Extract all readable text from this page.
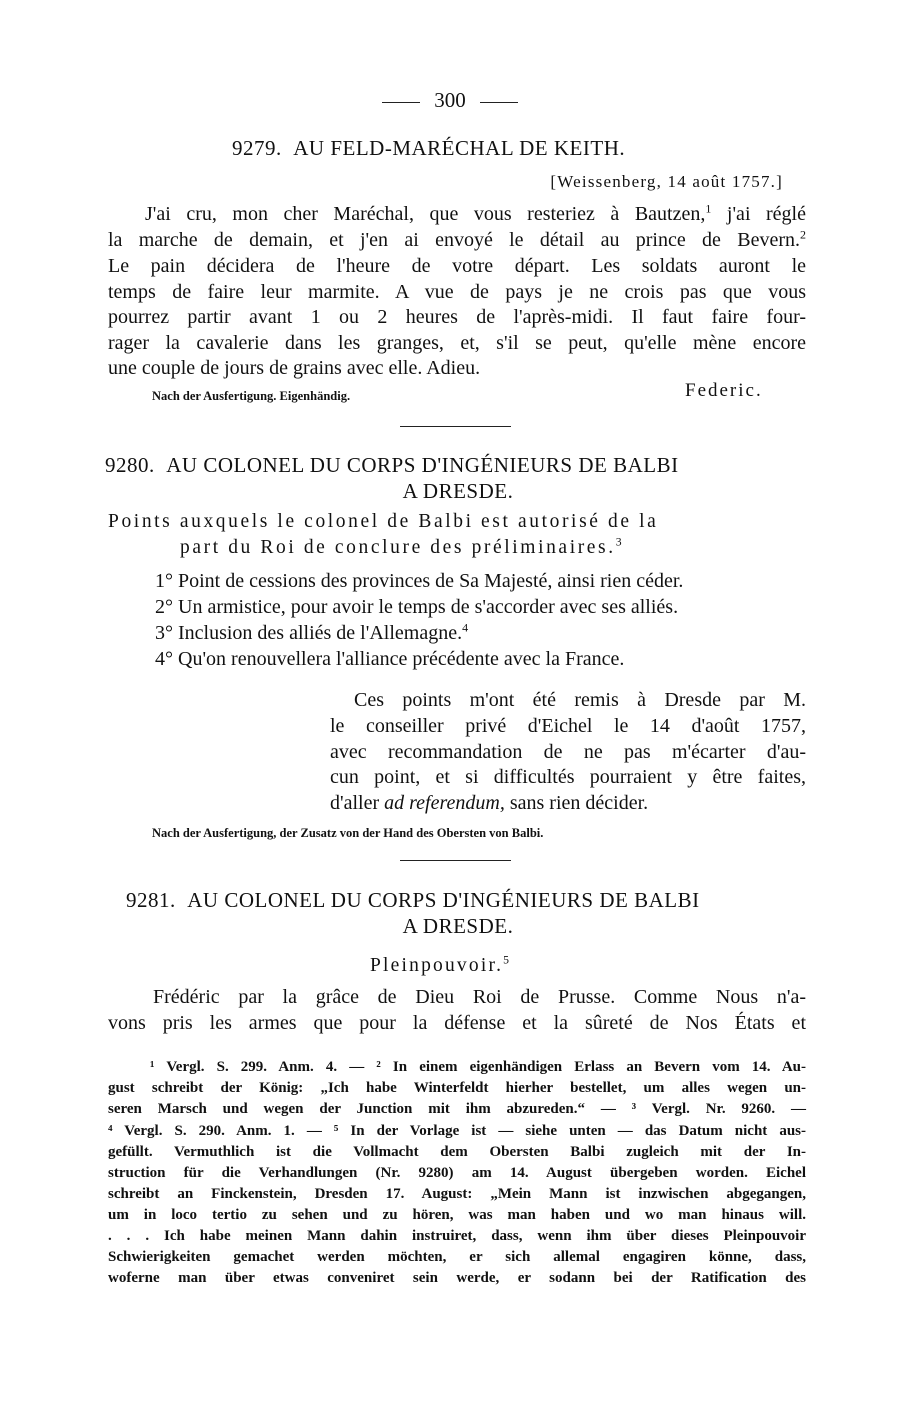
300
9279. AU FELD-MARÉCHAL DE KEITH.
[Weissenberg, 14 août 1757.]
J'ai cru, mon cher Maréchal, que vous resteriez à Bautzen,$^1$ j'ai réglé
la marche de demain, et j'en ai envoyé le détail au prince de Bevern.$^2$
Le pain décidera de l'heure de votre départ. Les soldats auront le
temps de faire leur marmite. A vue de pays je ne crois pas que vous
pourrez partir avant 1 ou 2 heures de l'après-midi. Il faut faire four-
rager la cavalerie dans les granges, et, s'il se peut, qu'elle mène encore
une couple de jours de grains avec elle. Adieu.
Nach der Ausfertigung. Eigenhändig.	Federic.
9280. AU COLONEL DU CORPS D'INGÉNIEURS DE BALBI
A DRESDE.
Points auxquels le colonel de Balbi est autorisé de la
part du Roi de conclure des préliminaires.$^3$
1° Point de cessions des provinces de Sa Majesté, ainsi rien céder.
2° Un armistice, pour avoir le temps de s'accorder avec ses alliés.
3° Inclusion des alliés de l'Allemagne.$^4$
4° Qu'on renouvellera l'alliance précédente avec la France.
Ces points m'ont été remis à Dresde par M.
le conseiller privé d'Eichel le 14 d'août 1757,
avec recommandation de ne pas m'écarter d'au-
cun point, et si difficultés pourraient y être faites,
d'aller ad referendum, sans rien décider.
Nach der Ausfertigung, der Zusatz von der Hand des Obersten von Balbi.
9281. AU COLONEL DU CORPS D'INGÉNIEURS DE BALBI
A DRESDE.
Pleinpouvoir.$^5$
Frédéric par la grâce de Dieu Roi de Prusse. Comme Nous n'a-
vons pris les armes que pour la défense et la sûreté de Nos États et
¹ Vergl. S. 299. Anm. 4. — ² In einem eigenhändigen Erlass an Bevern vom 14. Au-
gust schreibt der König: „Ich habe Winterfeldt hierher bestellet, um alles wegen un-
seren Marsch und wegen der Junction mit ihm abzureden.“ — ³ Vergl. Nr. 9260. —
⁴ Vergl. S. 290. Anm. 1. — ⁵ In der Vorlage ist — siehe unten — das Datum nicht aus-
gefüllt. Vermuthlich ist die Vollmacht dem Obersten Balbi zugleich mit der In-
struction für die Verhandlungen (Nr. 9280) am 14. August übergeben worden. Eichel
schreibt an Finckenstein, Dresden 17. August: „Mein Mann ist inzwischen abgegangen,
um in loco tertio zu sehen und zu hören, was man haben und wo man hinaus will.
. . . Ich habe meinen Mann dahin instruiret, dass, wenn ihm über dieses Pleinpouvoir
Schwierigkeiten gemachet werden möchten, er sich allemal engagiren könne, dass,
woferne man über etwas conveniret sein werde, er sodann bei der Ratification des
